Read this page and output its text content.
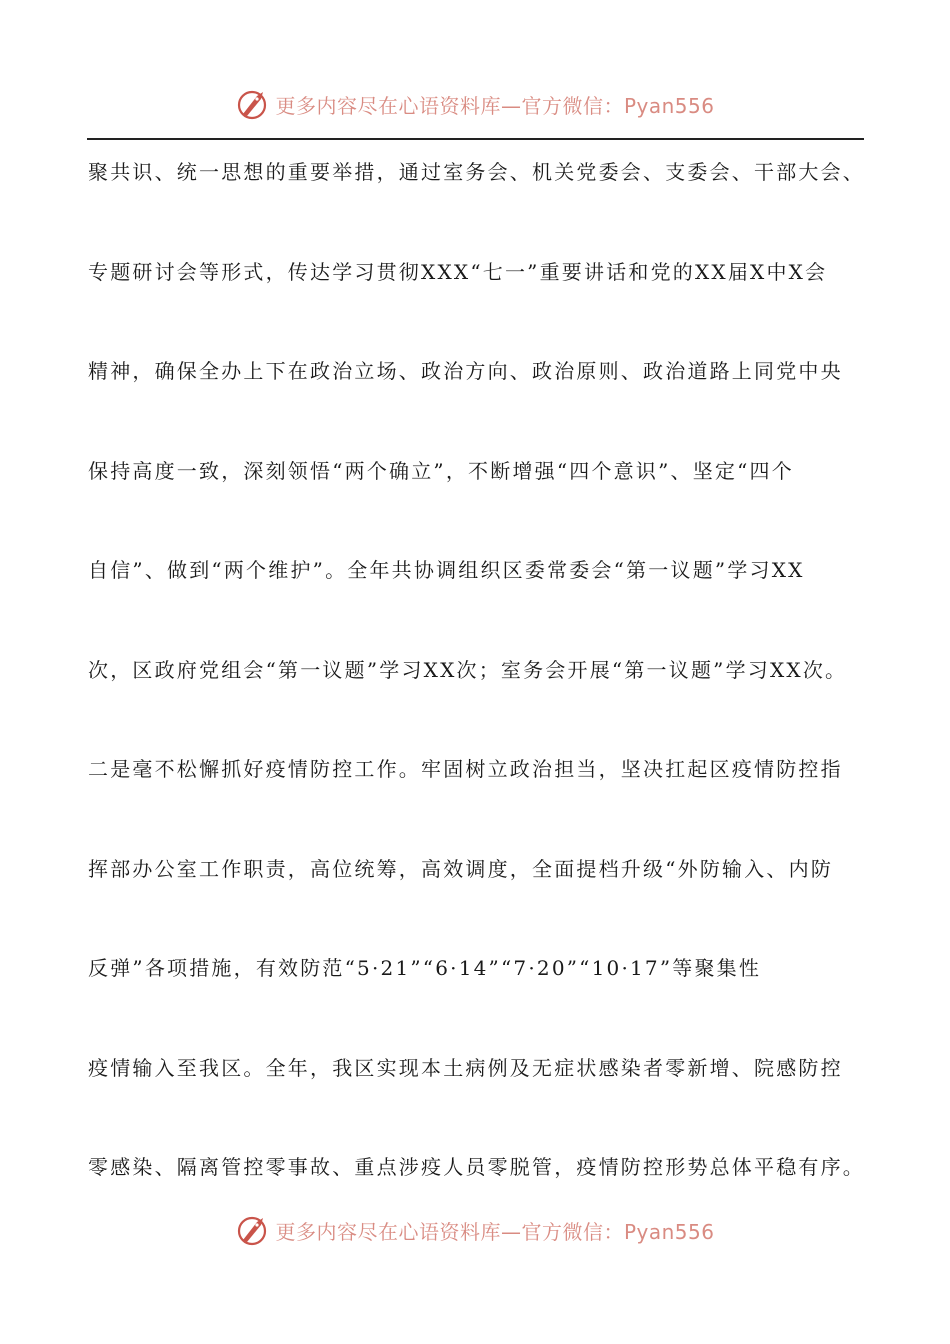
更多内容尽在心语资料库—官方微信：Pyan556
聚共识、统一思想的重要举措，通过室务会、机关党委会、支委会、干部大会、
专题研讨会等形式，传达学习贯彻XXX“七一”重要讲话和党的XX届X中X会
精神，确保全办上下在政治立场、政治方向、政治原则、政治道路上同党中央
保持高度一致，深刻领悟“两个确立”，不断增强“四个意识”、坚定“四个
自信”、做到“两个维护”。全年共协调组织区委常委会“第一议题”学习XX
次，区政府党组会“第一议题”学习XX次；室务会开展“第一议题”学习XX次。
二是毫不松懈抓好疫情防控工作。牢固树立政治担当，坚决扛起区疫情防控指
挥部办公室工作职责，高位统筹，高效调度，全面提档升级“外防输入、内防
反弹”各项措施，有效防范“5·21”“6·14”“7·20”“10·17”等聚集性
疫情输入至我区。全年，我区实现本土病例及无症状感染者零新增、院感防控
零感染、隔离管控零事故、重点涉疫人员零脱管，疫情防控形势总体平稳有序。
更多内容尽在心语资料库—官方微信：Pyan556
